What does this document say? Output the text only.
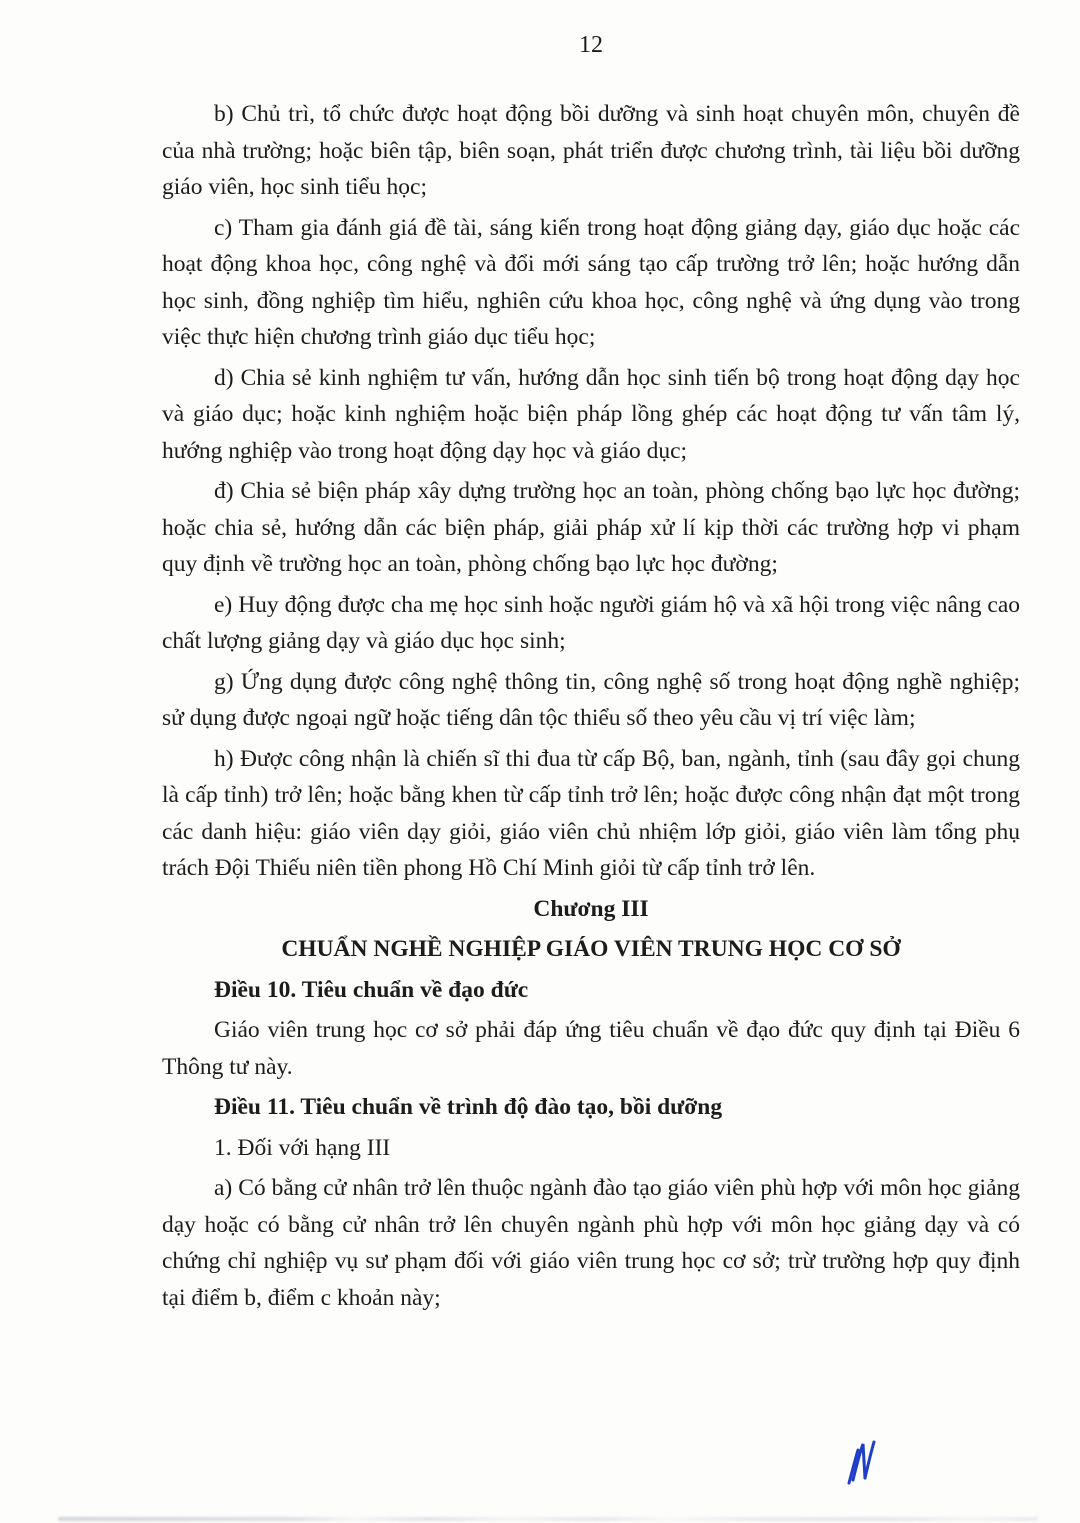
12

b) Chủ trì, tổ chức được hoạt động bồi dưỡng và sinh hoạt chuyên môn, chuyên đề của nhà trường; hoặc biên tập, biên soạn, phát triển được chương trình, tài liệu bồi dưỡng giáo viên, học sinh tiểu học;

c) Tham gia đánh giá đề tài, sáng kiến trong hoạt động giảng dạy, giáo dục hoặc các hoạt động khoa học, công nghệ và đổi mới sáng tạo cấp trường trở lên; hoặc hướng dẫn học sinh, đồng nghiệp tìm hiểu, nghiên cứu khoa học, công nghệ và ứng dụng vào trong việc thực hiện chương trình giáo dục tiểu học;

d) Chia sẻ kinh nghiệm tư vấn, hướng dẫn học sinh tiến bộ trong hoạt động dạy học và giáo dục; hoặc kinh nghiệm hoặc biện pháp lồng ghép các hoạt động tư vấn tâm lý, hướng nghiệp vào trong hoạt động dạy học và giáo dục;

đ) Chia sẻ biện pháp xây dựng trường học an toàn, phòng chống bạo lực học đường; hoặc chia sẻ, hướng dẫn các biện pháp, giải pháp xử lí kịp thời các trường hợp vi phạm quy định về trường học an toàn, phòng chống bạo lực học đường;

e) Huy động được cha mẹ học sinh hoặc người giám hộ và xã hội trong việc nâng cao chất lượng giảng dạy và giáo dục học sinh;

g) Ứng dụng được công nghệ thông tin, công nghệ số trong hoạt động nghề nghiệp; sử dụng được ngoại ngữ hoặc tiếng dân tộc thiểu số theo yêu cầu vị trí việc làm;

h) Được công nhận là chiến sĩ thi đua từ cấp Bộ, ban, ngành, tỉnh (sau đây gọi chung là cấp tỉnh) trở lên; hoặc bằng khen từ cấp tỉnh trở lên; hoặc được công nhận đạt một trong các danh hiệu: giáo viên dạy giỏi, giáo viên chủ nhiệm lớp giỏi, giáo viên làm tổng phụ trách Đội Thiếu niên tiền phong Hồ Chí Minh giỏi từ cấp tỉnh trở lên.

Chương III

CHUẨN NGHỀ NGHIỆP GIÁO VIÊN TRUNG HỌC CƠ SỞ

Điều 10. Tiêu chuẩn về đạo đức

Giáo viên trung học cơ sở phải đáp ứng tiêu chuẩn về đạo đức quy định tại Điều 6 Thông tư này.

Điều 11. Tiêu chuẩn về trình độ đào tạo, bồi dưỡng

1. Đối với hạng III

a) Có bằng cử nhân trở lên thuộc ngành đào tạo giáo viên phù hợp với môn học giảng dạy hoặc có bằng cử nhân trở lên chuyên ngành phù hợp với môn học giảng dạy và có chứng chỉ nghiệp vụ sư phạm đối với giáo viên trung học cơ sở; trừ trường hợp quy định tại điểm b, điểm c khoản này;
